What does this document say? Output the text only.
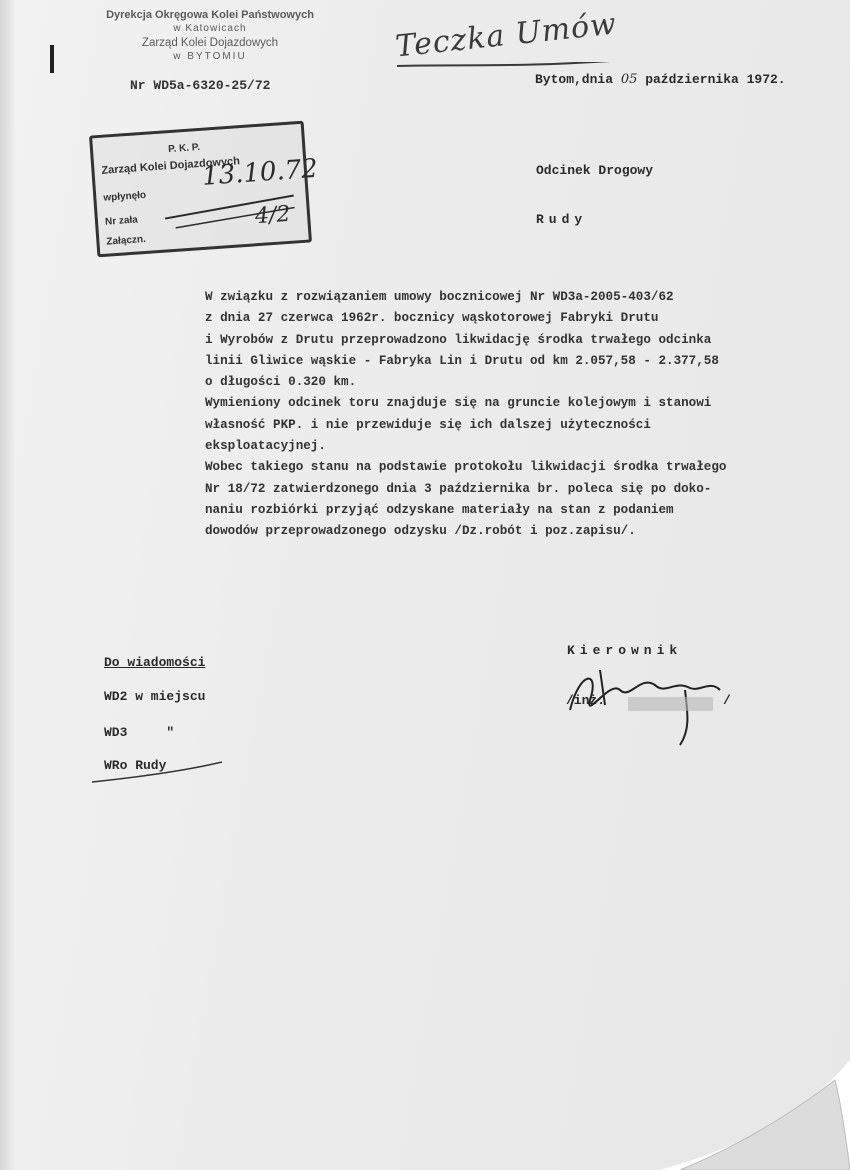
Dyrekcja Okręgowa Kolei Państwowych
w Katowicach
Zarząd Kolei Dojazdowych
w BYTOMIU
Nr WD5a-6320-25/72
Teczka Umów
Bytom,dnia 05 października 1972.
P. K. P.
Zarząd Kolei Dojazdowych
wpłynęło
Nr zała
Załączn.
13.10.72
4/2
Odcinek Drogowy
Rudy
W związku z rozwiązaniem umowy bocznicowej Nr WD3a-2005-403/62
z dnia 27 czerwca 1962r. bocznicy wąskotorowej Fabryki Drutu
i Wyrobów z Drutu przeprowadzono likwidację środka trwałego odcinka
linii Gliwice wąskie - Fabryka Lin i Drutu od km 2.057,58 - 2.377,58
o długości 0.320 km.
Wymieniony odcinek toru znajduje się na gruncie kolejowym i stanowi
własność PKP. i nie przewiduje się ich dalszej użyteczności
eksploatacyjnej.
Wobec takiego stanu na podstawie protokołu likwidacji środka trwałego
Nr 18/72 zatwierdzonego dnia 3 października br. poleca się po doko-
naniu rozbiórki przyjąć odzyskane materiały na stan z podaniem
dowodów przeprowadzonego odzysku /Dz.robót i poz.zapisu/.
Kierownik
/inż.	/
Do wiadomości
WD2 w miejscu
WD3     "
WRo Rudy
